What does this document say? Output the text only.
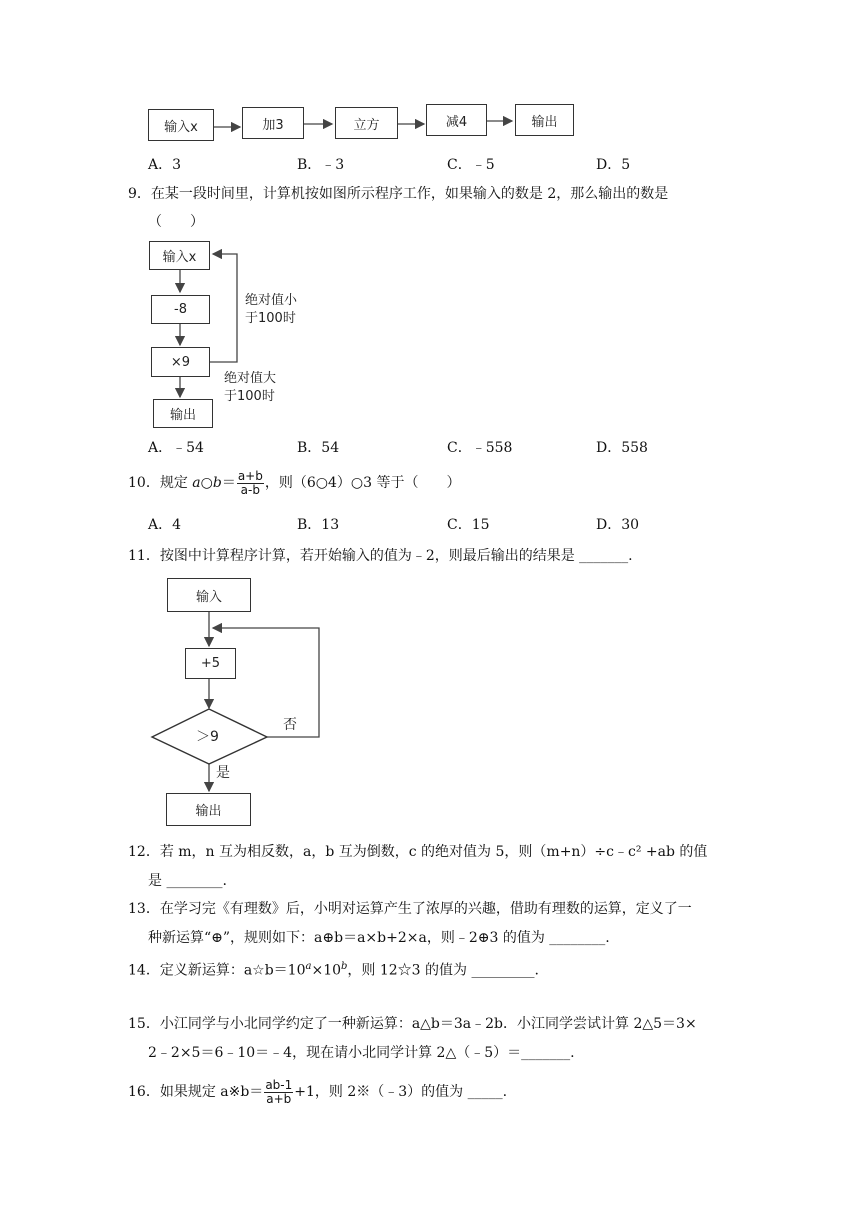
输入x	加3	立方	减4	输出
A．3	B．﹣3	C．﹣5	D．5
9．在某一段时间里，计算机按如图所示程序工作，如果输入的数是 2，那么输出的数是
（　　）
输入x
-8
×9
输出
绝对值小
于100时
绝对值大
于100时
A．﹣54	B．54	C．﹣558	D．558
10．规定 a○b＝ $\frac{a+b}{a-b}$ ，则（6○4）○3 等于（　　）
A．4	B．13	C．15	D．30
11．按图中计算程序计算，若开始输入的值为﹣2，则最后输出的结果是 _______.
输入
+5
＞9
否
是
输出
12．若 m，n 互为相反数，a，b 互为倒数，c 的绝对值为 5，则（m+n）÷c﹣c² +ab 的值
是 ________.
13．在学习完《有理数》后，小明对运算产生了浓厚的兴趣，借助有理数的运算，定义了一
种新运算“⊕”，规则如下：a⊕b＝a×b+2×a，则﹣2⊕3 的值为 ________.
14．定义新运算：$a☆b=10^a\times 10^b$，则 12☆3 的值为 _________.
15．小江同学与小北同学约定了一种新运算：a△b＝3a﹣2b．小江同学尝试计算 2△5＝3×
2﹣2×5＝6﹣10＝﹣4，现在请小北同学计算 2△（﹣5）＝_______.
16．如果规定 a※b＝ $\frac{ab-1}{a+b} +1$，则 2※（﹣3）的值为 _____.
